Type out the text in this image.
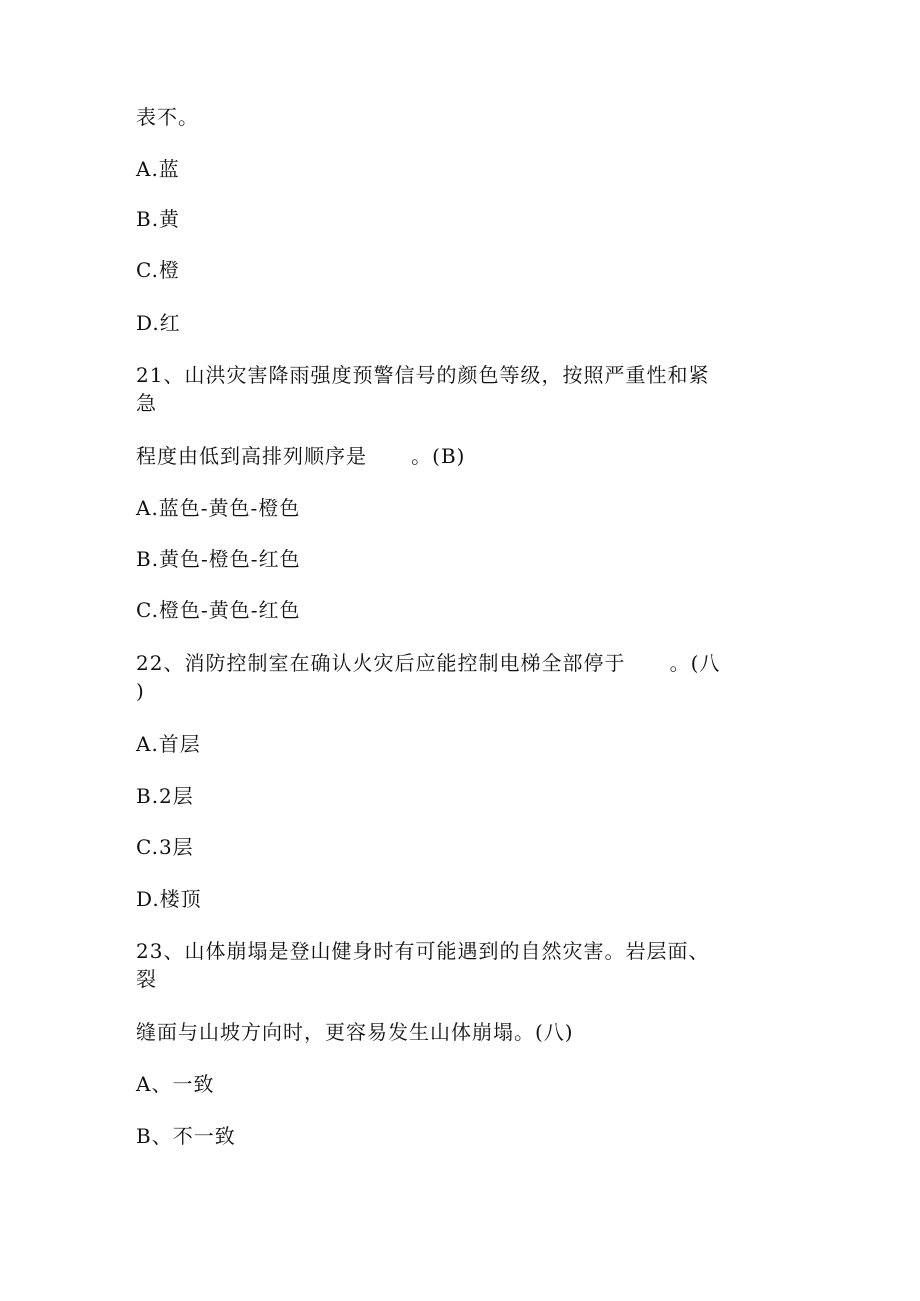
表不。
A.蓝
B.黄
C.橙
D.红
21、山洪灾害降雨强度预警信号的颜色等级，按照严重性和紧
急
程度由低到高排列顺序是      。(B)
A.蓝色-黄色-橙色
B.黄色-橙色-红色
C.橙色-黄色-红色
22、消防控制室在确认火灾后应能控制电梯全部停于      。(八
)
A.首层
B.2层
C.3层
D.楼顶
23、山体崩塌是登山健身时有可能遇到的自然灾害。岩层面、
裂
缝面与山坡方向时，更容易发生山体崩塌。(八)
A、一致
B、不一致
